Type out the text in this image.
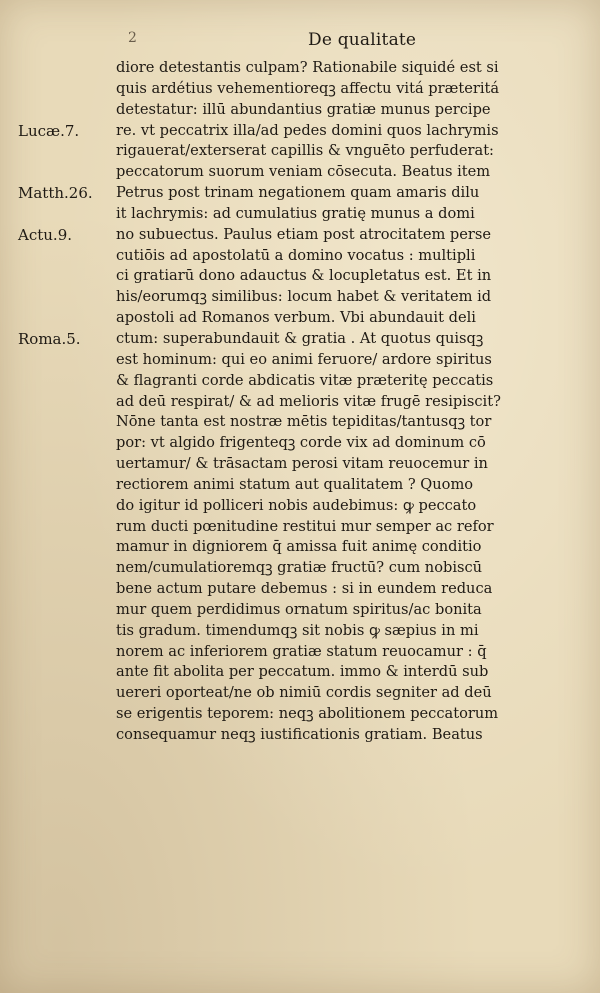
2	De qualitate
Lucæ.7.
Matth.26.
Actu.9.
Roma.5.
diore detestantis culpam? Rationabile siquidé est si
quis ardétius vehementioreqꝫ affectu vitá præteritá
detestatur: illū abundantius gratiæ munus percipe
re. vt peccatrix illa/ad pedes domini quos lachrymis
rigauerat/exterserat capillis & vnguēto perfuderat:
peccatorum suorum veniam cōsecuta. Beatus item
Petrus post trinam negationem quam amaris dilu
it lachrymis: ad cumulatius gratię munus a domi
no subuectus. Paulus etiam post atrocitatem perse
cutiōis ad apostolatū a domino vocatus : multipli
ci gratiarū dono adauctus & locupletatus est. Et in
his/eorumqꝫ similibus: locum habet & veritatem id
apostoli ad Romanos verbum. Vbi abundauit deli
ctum: superabundauit & gratia . At quotus quisqꝫ
est hominum: qui eo animi feruore/ ardore spiritus
& flagranti corde abdicatis vitæ præteritę peccatis
ad deū respirat/ & ad melioris vitæ frugē resipiscit?
Nōne tanta est nostræ mētis tepiditas/tantusqꝫ tor
por: vt algido frigenteqꝫ corde vix ad dominum cō
uertamur/ & trāsactam perosi vitam reuocemur in
rectiorem animi statum aut qualitatem ? Quomo
do igitur id polliceri nobis audebimus: ꝙ peccato
rum ducti pœnitudine restitui mur semper ac refor
mamur in digniorem q̄ amissa fuit animę conditio
nem/cumulatioremqꝫ gratiæ fructū? cum nobiscū
bene actum putare debemus : si in eundem reduca
mur quem perdidimus ornatum spiritus/ac bonita
tis gradum. timendumqꝫ sit nobis ꝙ sæpius in mi
norem ac inferiorem gratiæ statum reuocamur : q̄
ante fit abolita per peccatum. immo & interdū sub
uereri oporteat/ne ob nimiū cordis segniter ad deū
se erigentis teporem: neqꝫ abolitionem peccatorum
consequamur neqꝫ iustificationis gratiam. Beatus
